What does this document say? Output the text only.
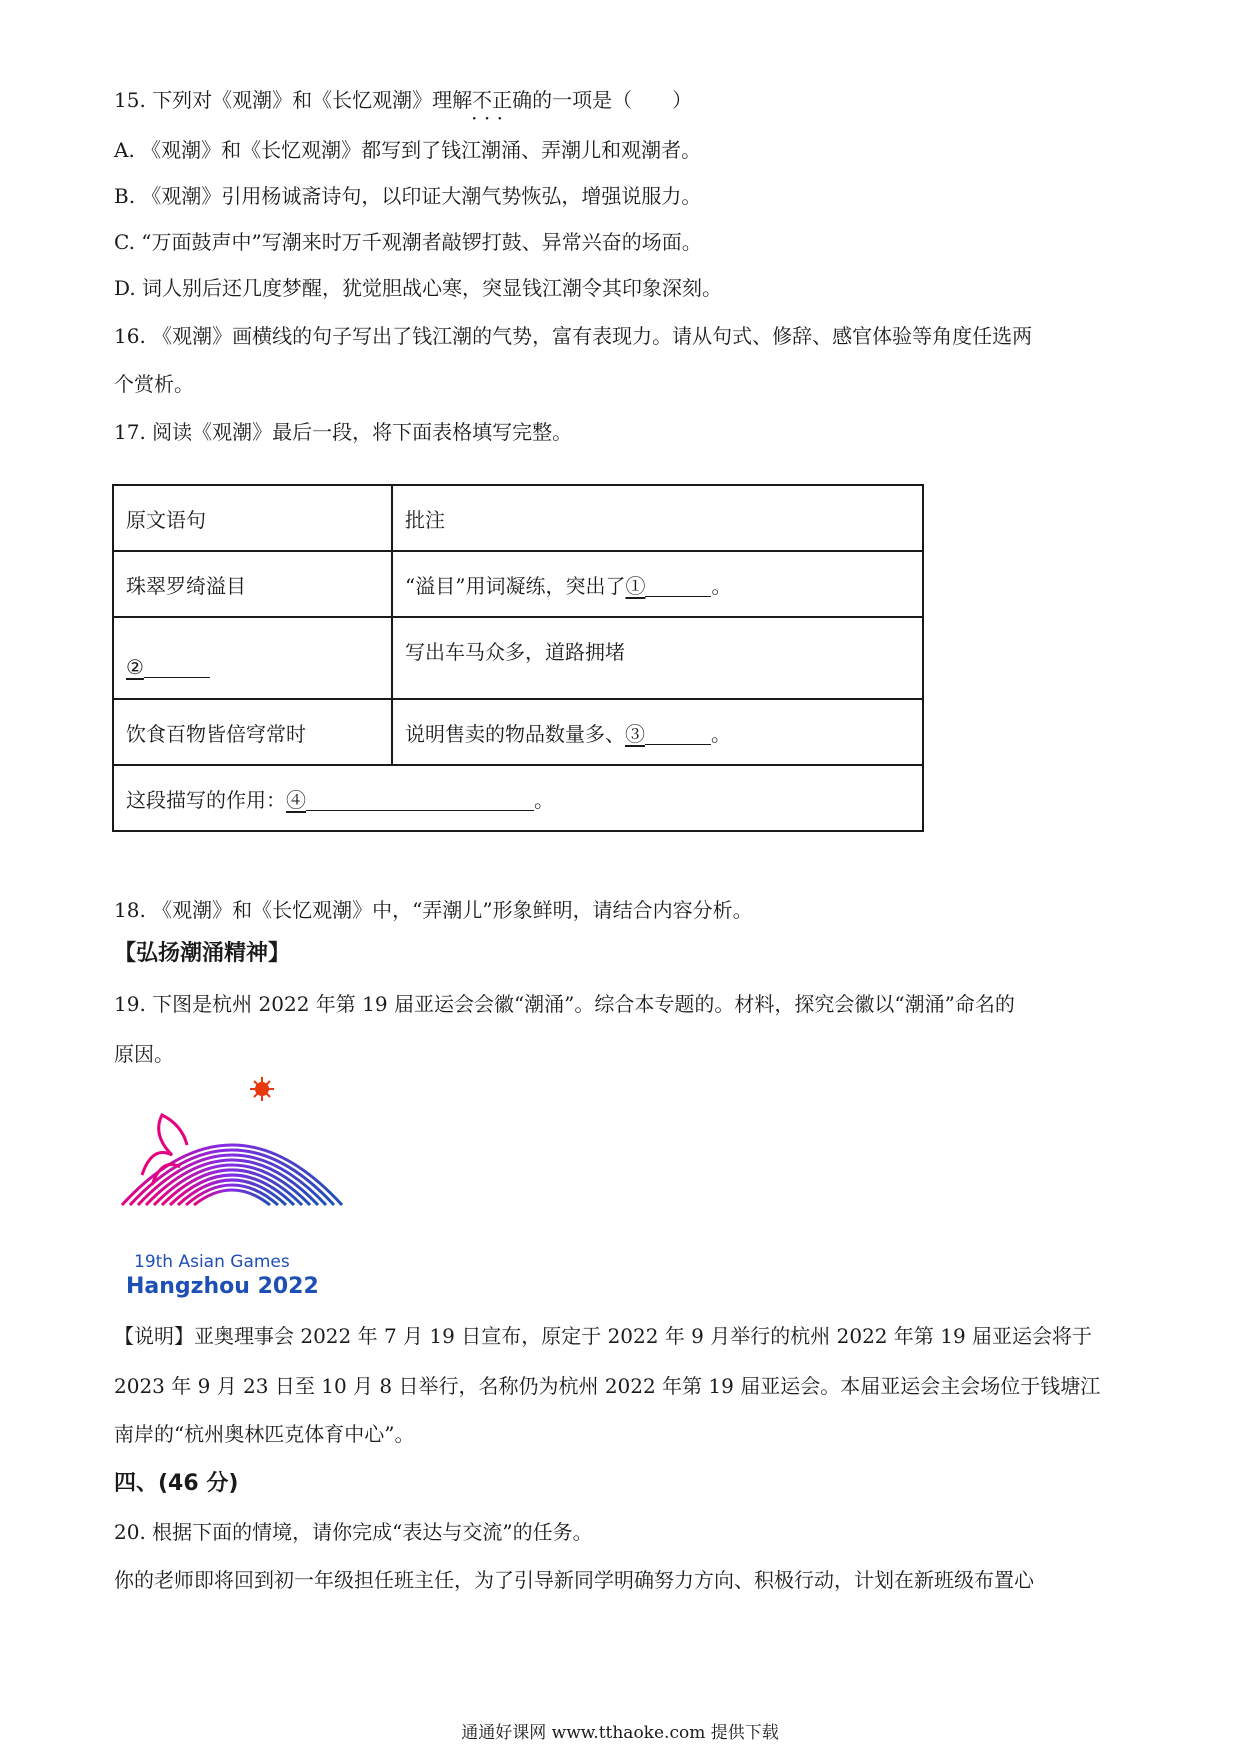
15. 下列对《观潮》和《长忆观潮》理解不正确 · · ·的一项是（　　）
A. 《观潮》和《长忆观潮》都写到了钱江潮涌、弄潮儿和观潮者。
B. 《观潮》引用杨诚斋诗句，以印证大潮气势恢弘，增强说服力。
C. “万面鼓声中”写潮来时万千观潮者敲锣打鼓、异常兴奋的场面。
D. 词人别后还几度梦醒，犹觉胆战心寒，突显钱江潮令其印象深刻。
16. 《观潮》画横线的句子写出了钱江潮的气势，富有表现力。请从句式、修辞、感官体验等角度任选两
个赏析。
17. 阅读《观潮》最后一段，将下面表格填写完整。
原文语句	批注
珠翠罗绮溢目	“溢目”用词凝练，突出了① 。
②	写出车马众多，道路拥堵
饮食百物皆倍穹常时	说明售卖的物品数量多、③ 。
这段描写的作用：④ 。	
18. 《观潮》和《长忆观潮》中，“弄潮儿”形象鲜明，请结合内容分析。
【弘扬潮涌精神】
19. 下图是杭州 2022 年第 19 届亚运会会徽“潮涌”。综合本专题的。材料，探究会徽以“潮涌”命名的
原因。
19th Asian Games
Hangzhou 2022
【说明】亚奥理事会 2022 年 7 月 19 日宣布，原定于 2022 年 9 月举行的杭州 2022 年第 19 届亚运会将于
2023 年 9 月 23 日至 10 月 8 日举行，名称仍为杭州 2022 年第 19 届亚运会。本届亚运会主会场位于钱塘江
南岸的“杭州奥林匹克体育中心”。
四、(46 分)
20. 根据下面的情境，请你完成“表达与交流”的任务。
你的老师即将回到初一年级担任班主任，为了引导新同学明确努力方向、积极行动，计划在新班级布置心
通通好课网 www.tthaoke.com 提供下载
